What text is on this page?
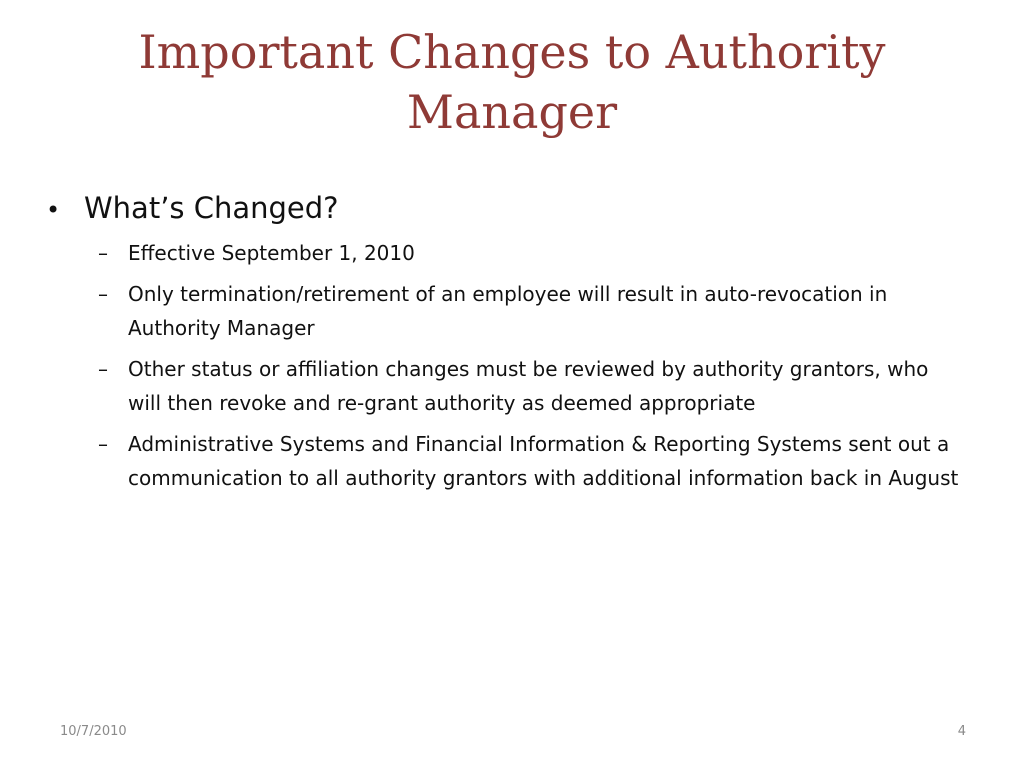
Important Changes to Authority Manager
• What’s Changed?
–	Effective September 1, 2010
–	Only termination/retirement of an employee will result in auto-revocation in Authority Manager
–	Other status or affiliation changes must be reviewed by authority grantors, who will then revoke and re-grant authority as deemed appropriate
–	Administrative Systems and Financial Information & Reporting Systems sent out a communication to all authority grantors with additional information back in August
10/7/2010	4
